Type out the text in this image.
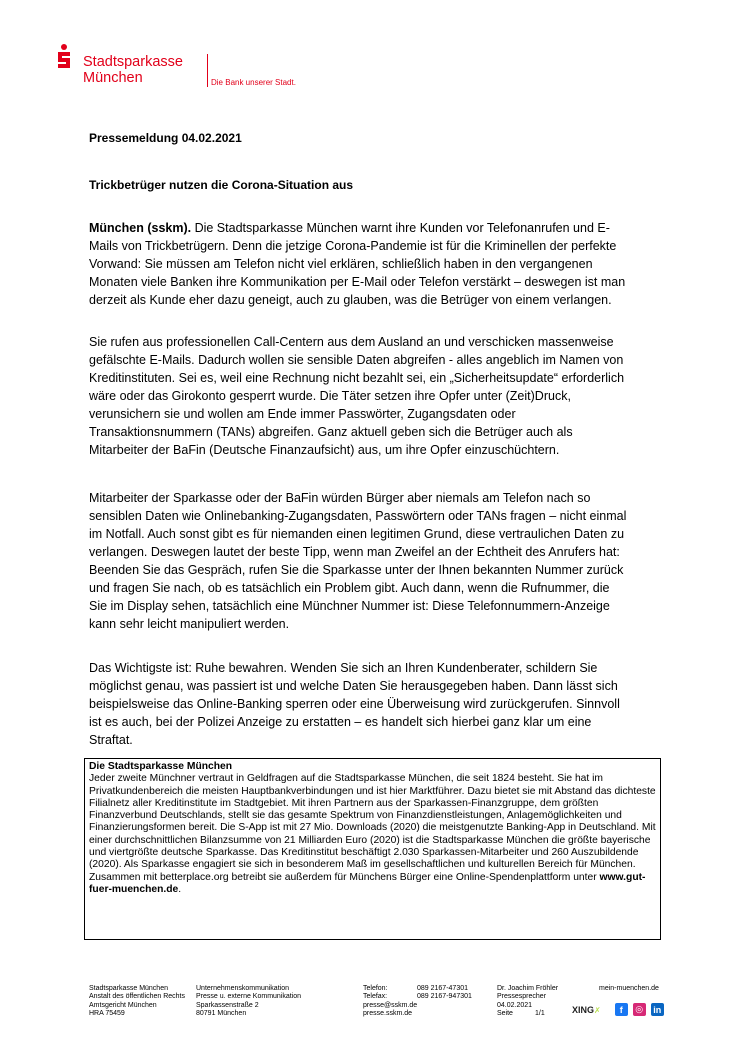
Stadtsparkasse
München	Die Bank unserer Stadt.
Pressemeldung 04.02.2021
Trickbetrüger nutzen die Corona-Situation aus

München (sskm). Die Stadtsparkasse München warnt ihre Kunden vor Telefonanrufen und E-Mails von Trickbetrügern. Denn die jetzige Corona-Pandemie ist für die Kriminellen der perfekte Vorwand: Sie müssen am Telefon nicht viel erklären, schließlich haben in den vergangenen Monaten viele Banken ihre Kommunikation per E-Mail oder Telefon verstärkt – deswegen ist man derzeit als Kunde eher dazu geneigt, auch zu glauben, was die Betrüger von einem verlangen.

Sie rufen aus professionellen Call-Centern aus dem Ausland an und verschicken massenweise gefälschte E-Mails. Dadurch wollen sie sensible Daten abgreifen - alles angeblich im Namen von Kreditinstituten. Sei es, weil eine Rechnung nicht bezahlt sei, ein „Sicherheitsupdate“ erforderlich wäre oder das Girokonto gesperrt wurde. Die Täter setzen ihre Opfer unter (Zeit)Druck, verunsichern sie und wollen am Ende immer Passwörter, Zugangsdaten oder Transaktionsnummern (TANs) abgreifen. Ganz aktuell geben sich die Betrüger auch als Mitarbeiter der BaFin (Deutsche Finanzaufsicht) aus, um ihre Opfer einzuschüchtern.

Mitarbeiter der Sparkasse oder der BaFin würden Bürger aber niemals am Telefon nach so sensiblen Daten wie Onlinebanking-Zugangsdaten, Passwörtern oder TANs fragen – nicht einmal im Notfall. Auch sonst gibt es für niemanden einen legitimen Grund, diese vertraulichen Daten zu verlangen. Deswegen lautet der beste Tipp, wenn man Zweifel an der Echtheit des Anrufers hat: Beenden Sie das Gespräch, rufen Sie die Sparkasse unter der Ihnen bekannten Nummer zurück und fragen Sie nach, ob es tatsächlich ein Problem gibt. Auch dann, wenn die Rufnummer, die Sie im Display sehen, tatsächlich eine Münchner Nummer ist: Diese Telefonnummern-Anzeige kann sehr leicht manipuliert werden.

Das Wichtigste ist: Ruhe bewahren. Wenden Sie sich an Ihren Kundenberater, schildern Sie möglichst genau, was passiert ist und welche Daten Sie herausgegeben haben. Dann lässt sich beispielsweise das Online-Banking sperren oder eine Überweisung wird zurückgerufen. Sinnvoll ist es auch, bei der Polizei Anzeige zu erstatten – es handelt sich hierbei ganz klar um eine Straftat.

Die Stadtsparkasse München
Jeder zweite Münchner vertraut in Geldfragen auf die Stadtsparkasse München, die seit 1824 besteht. Sie hat im Privatkundenbereich die meisten Hauptbankverbindungen und ist hier Marktführer. Dazu bietet sie mit Abstand das dichteste Filialnetz aller Kreditinstitute im Stadtgebiet. Mit ihren Partnern aus der Sparkassen-Finanzgruppe, dem größten Finanzverbund Deutschlands, stellt sie das gesamte Spektrum von Finanzdienstleistungen, Anlagemöglichkeiten und Finanzierungsformen bereit. Die S-App ist mit 27 Mio. Downloads (2020) die meistgenutzte Banking-App in Deutschland. Mit einer durchschnittlichen Bilanzsumme von 21 Milliarden Euro (2020) ist die Stadtsparkasse München die größte bayerische und viertgrößte deutsche Sparkasse. Das Kreditinstitut beschäftigt 2.030 Sparkassen-Mitarbeiter und 260 Auszubildende (2020). Als Sparkasse engagiert sie sich in besonderem Maß im gesellschaftlichen und kulturellen Bereich für München. Zusammen mit betterplace.org betreibt sie außerdem für Münchens Bürger eine Online-Spendenplattform unter www.gut-fuer-muenchen.de.
Stadtsparkasse München
Anstalt des öffentlichen Rechts
Amtsgericht München
HRA 75459
Unternehmenskommunikation
Presse u. externe Kommunikation
Sparkassenstraße 2
80791 München
Telefon:	089 2167-47301
Telefax:	089 2167-947301
presse@sskm.de
presse.sskm.de
Dr. Joachim Fröhler
Pressesprecher
04.02.2021
Seite	1/1
mein-muenchen.de
XING✗	f	◎ in
